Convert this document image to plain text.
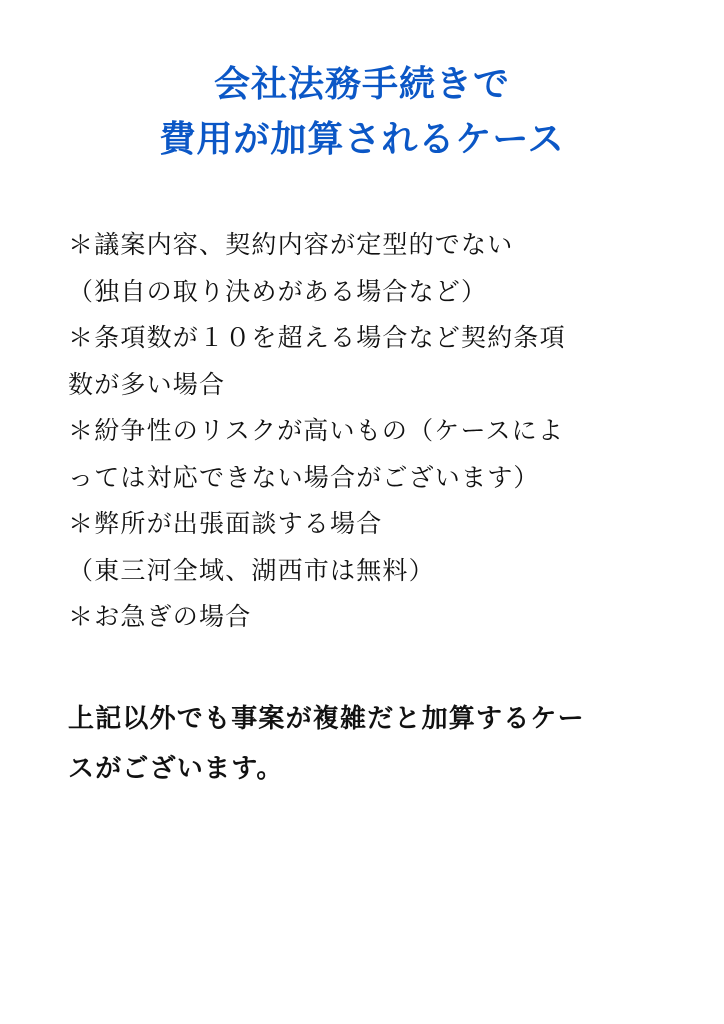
会社法務手続きで
費用が加算されるケース
＊議案内容、契約内容が定型的でない
（独自の取り決めがある場合など）
＊条項数が１０を超える場合など契約条項
数が多い場合
＊紛争性のリスクが高いもの（ケースによ
っては対応できない場合がございます）
＊弊所が出張面談する場合
（東三河全域、湖西市は無料）
＊お急ぎの場合
上記以外でも事案が複雑だと加算するケー
スがございます。
